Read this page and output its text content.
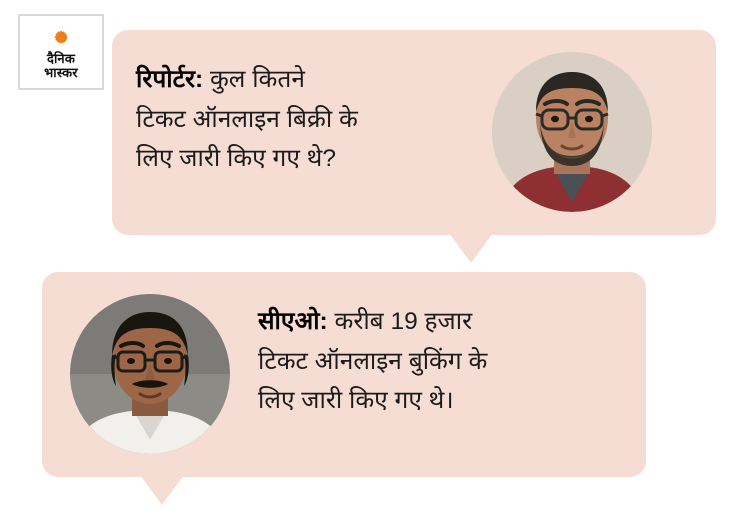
दैनिक
भास्कर रिपोर्टर: कुल कितने
टिकट ऑनलाइन बिक्री के
लिए जारी किए गए थे?
सीएओ: करीब 19 हजार
टिकट ऑनलाइन बुकिंग के
लिए जारी किए गए थे।
